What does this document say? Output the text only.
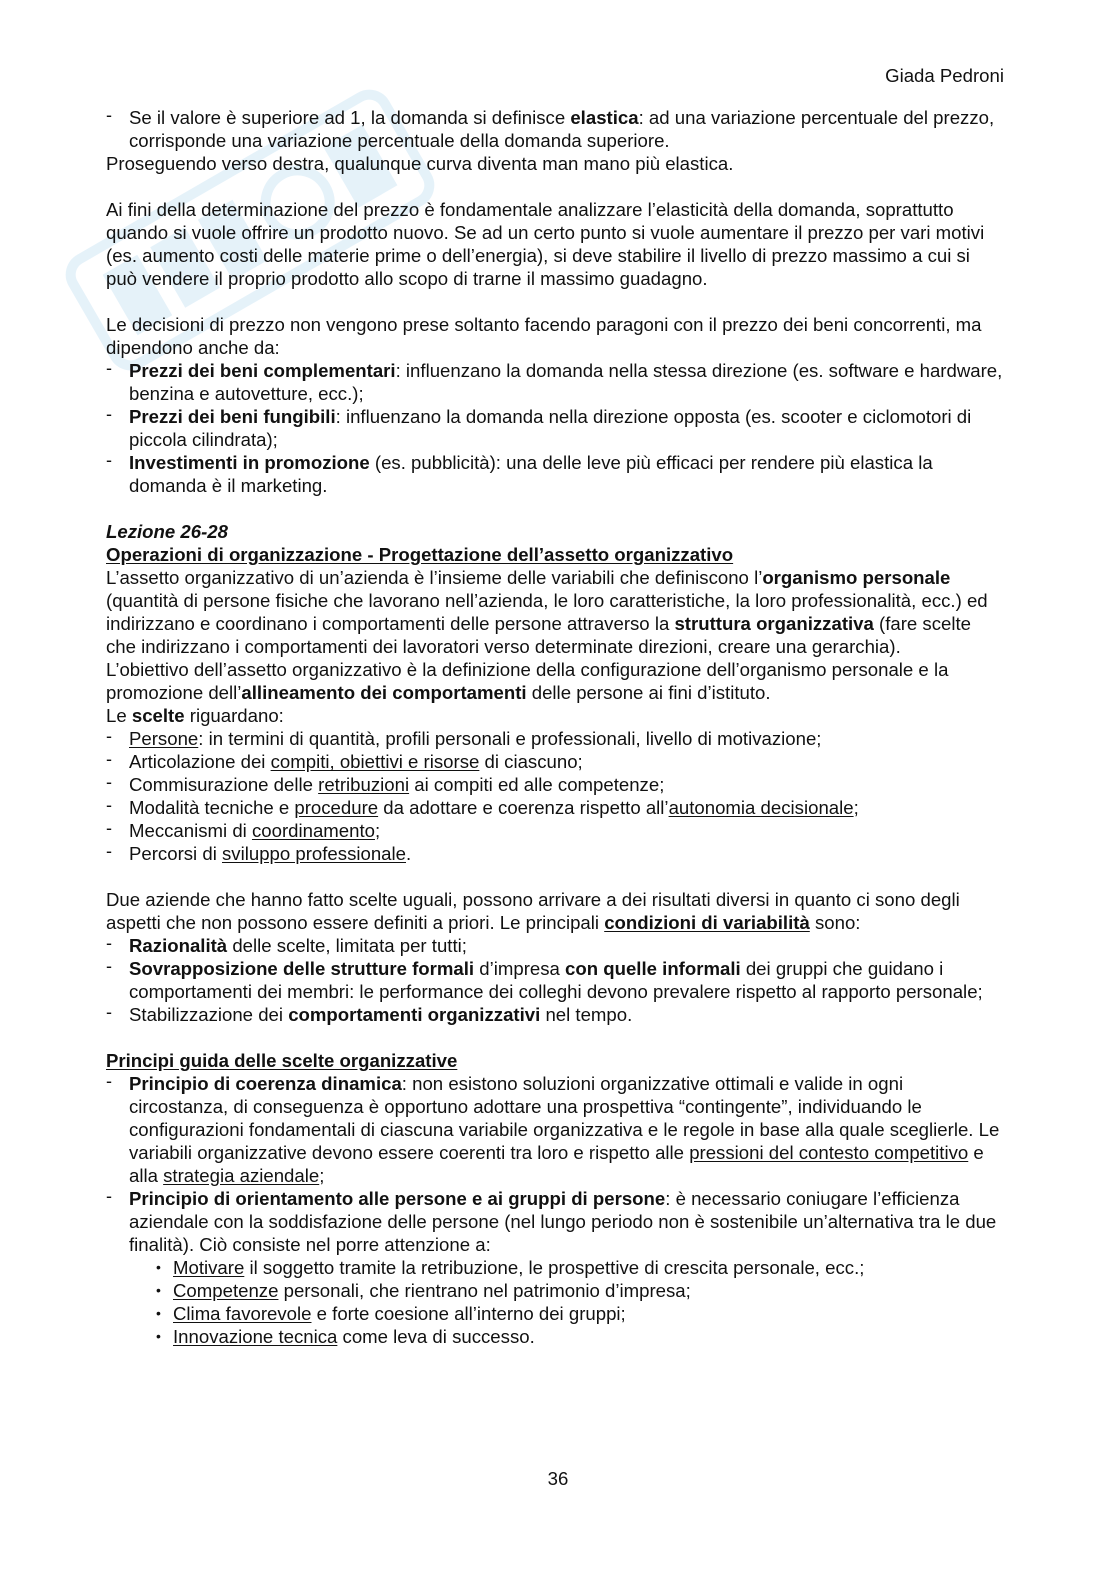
Giada Pedroni
- Se il valore è superiore ad 1, la domanda si definisce elastica: ad una variazione percentuale del prezzo, corrisponde una variazione percentuale della domanda superiore.

Proseguendo verso destra, qualunque curva diventa man mano più elastica.

Ai fini della determinazione del prezzo è fondamentale analizzare l’elasticità della domanda, soprattutto quando si vuole offrire un prodotto nuovo. Se ad un certo punto si vuole aumentare il prezzo per vari motivi (es. aumento costi delle materie prime o dell’energia), si deve stabilire il livello di prezzo massimo a cui si può vendere il proprio prodotto allo scopo di trarne il massimo guadagno.

Le decisioni di prezzo non vengono prese soltanto facendo paragoni con il prezzo dei beni concorrenti, ma dipendono anche da:

- Prezzi dei beni complementari: influenzano la domanda nella stessa direzione (es. software e hardware, benzina e autovetture, ecc.);
- Prezzi dei beni fungibili: influenzano la domanda nella direzione opposta (es. scooter e ciclomotori di piccola cilindrata);
- Investimenti in promozione (es. pubblicità): una delle leve più efficaci per rendere più elastica la domanda è il marketing.

Lezione 26-28

Operazioni di organizzazione - Progettazione dell’assetto organizzativo

L’assetto organizzativo di un’azienda è l’insieme delle variabili che definiscono l’organismo personale (quantità di persone fisiche che lavorano nell’azienda, le loro caratteristiche, la loro professionalità, ecc.) ed indirizzano e coordinano i comportamenti delle persone attraverso la struttura organizzativa (fare scelte che indirizzano i comportamenti dei lavoratori verso determinate direzioni, creare una gerarchia).

L’obiettivo dell’assetto organizzativo è la definizione della configurazione dell’organismo personale e la promozione dell’allineamento dei comportamenti delle persone ai fini d’istituto.

Le scelte riguardano:

- Persone: in termini di quantità, profili personali e professionali, livello di motivazione;
- Articolazione dei compiti, obiettivi e risorse di ciascuno;
- Commisurazione delle retribuzioni ai compiti ed alle competenze;
- Modalità tecniche e procedure da adottare e coerenza rispetto all’autonomia decisionale;
- Meccanismi di coordinamento;
- Percorsi di sviluppo professionale.

Due aziende che hanno fatto scelte uguali, possono arrivare a dei risultati diversi in quanto ci sono degli aspetti che non possono essere definiti a priori. Le principali condizioni di variabilità sono:

- Razionalità delle scelte, limitata per tutti;
- Sovrapposizione delle strutture formali d’impresa con quelle informali dei gruppi che guidano i comportamenti dei membri: le performance dei colleghi devono prevalere rispetto al rapporto personale;
- Stabilizzazione dei comportamenti organizzativi nel tempo.

Principi guida delle scelte organizzative

- Principio di coerenza dinamica: non esistono soluzioni organizzative ottimali e valide in ogni circostanza, di conseguenza è opportuno adottare una prospettiva “contingente”, individuando le configurazioni fondamentali di ciascuna variabile organizzativa e le regole in base alla quale sceglierle. Le variabili organizzative devono essere coerenti tra loro e rispetto alle pressioni del contesto competitivo e alla strategia aziendale;
- Principio di orientamento alle persone e ai gruppi di persone: è necessario coniugare l’efficienza aziendale con la soddisfazione delle persone (nel lungo periodo non è sostenibile un’alternativa tra le due finalità). Ciò consiste nel porre attenzione a:
• Motivare il soggetto tramite la retribuzione, le prospettive di crescita personale, ecc.;
• Competenze personali, che rientrano nel patrimonio d’impresa;
• Clima favorevole e forte coesione all’interno dei gruppi;
• Innovazione tecnica come leva di successo.
36
